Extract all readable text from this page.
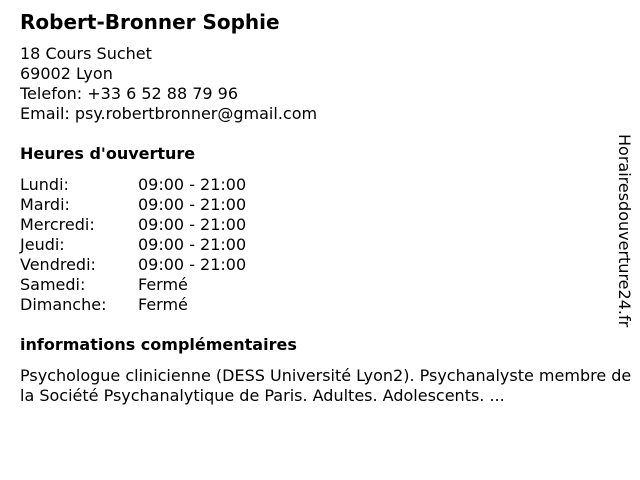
Robert-Bronner Sophie
18 Cours Suchet
69002 Lyon
Telefon: +33 6 52 88 79 96
Email: psy.robertbronner@gmail.com
Heures d'ouverture
Lundi:	09:00 - 21:00
Mardi:	09:00 - 21:00
Mercredi:	09:00 - 21:00
Jeudi:	09:00 - 21:00
Vendredi:	09:00 - 21:00
Samedi:	Fermé
Dimanche:	Fermé
informations complémentaires
Psychologue clinicienne (DESS Université Lyon2). Psychanalyste membre de la Société Psychanalytique de Paris. Adultes. Adolescents. ...
Horairesdouverture24.fr
